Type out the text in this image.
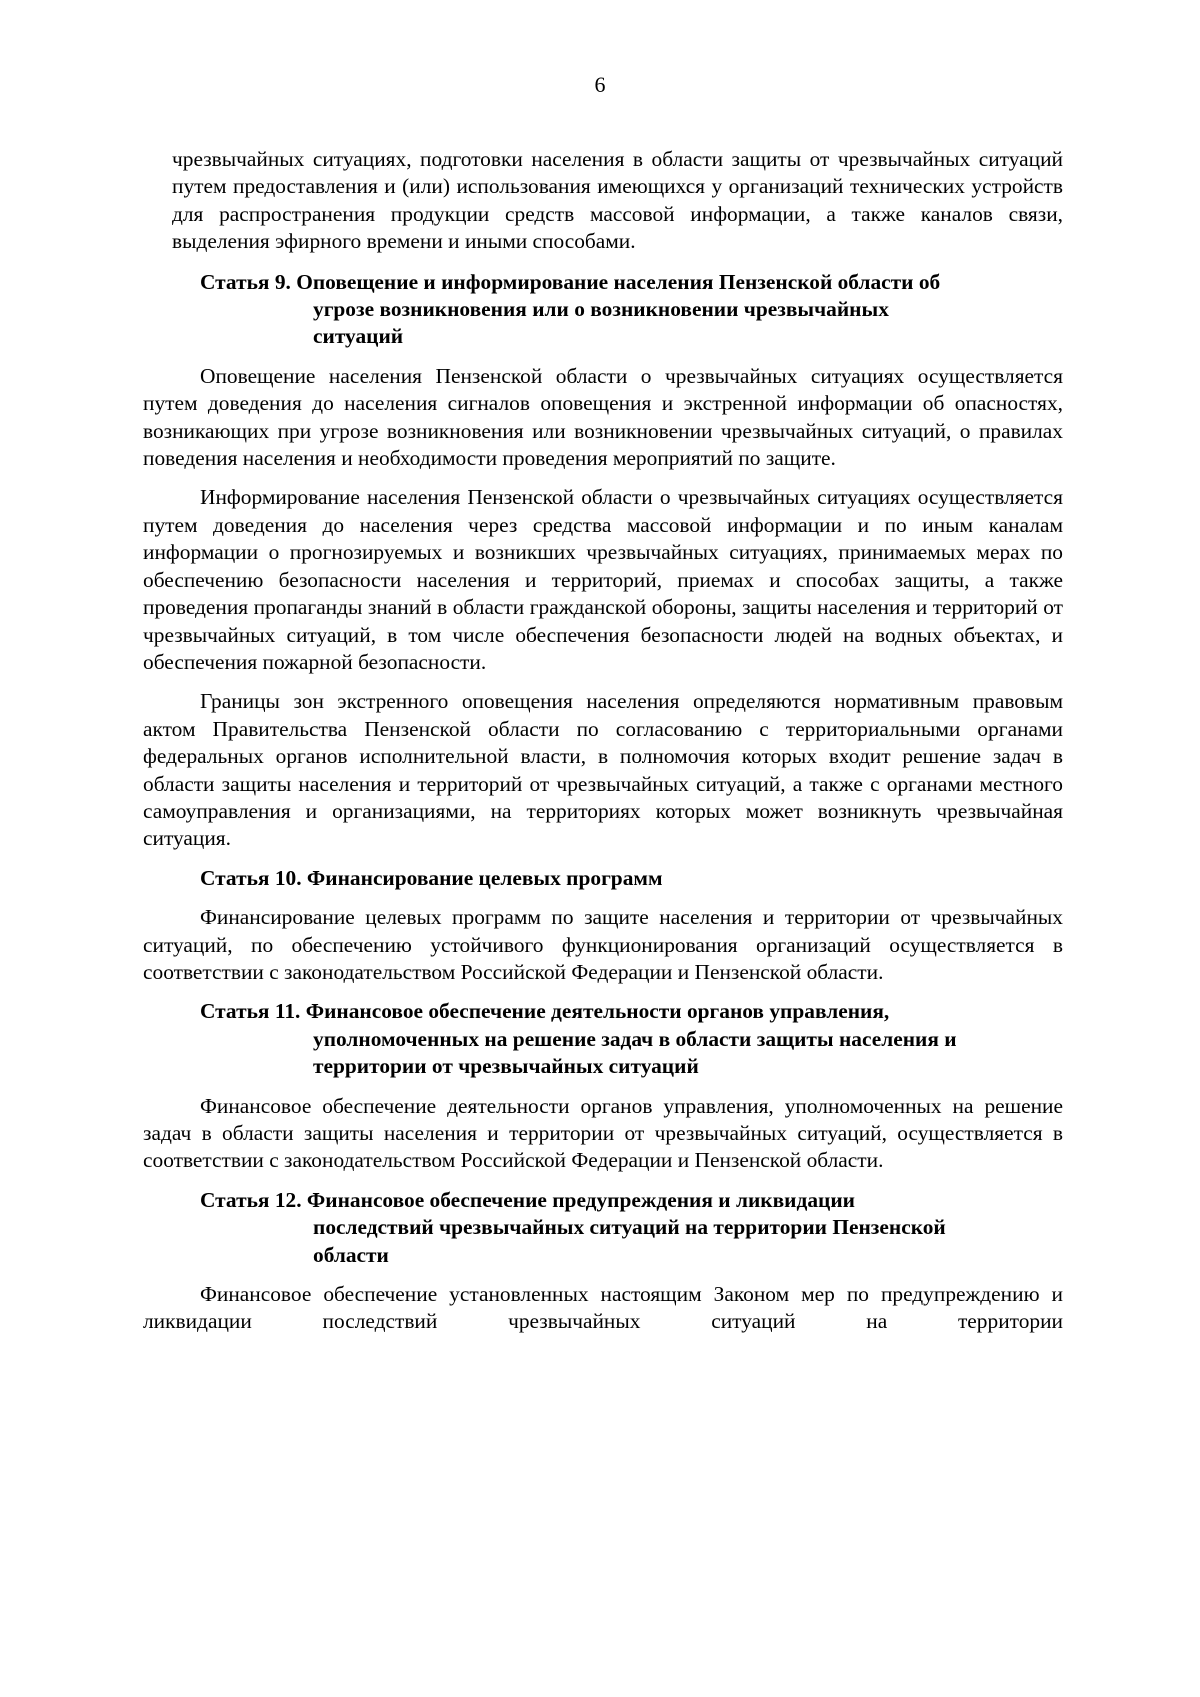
6

чрезвычайных ситуациях, подготовки населения в области защиты от чрезвычайных ситуаций путем предоставления и (или) использования имеющихся у организаций технических устройств для распространения продукции средств массовой информации, а также каналов связи, выделения эфирного времени и иными способами.

Статья 9. Оповещение и информирование населения Пензенской области об
угрозе возникновения или о возникновении чрезвычайных
ситуаций

Оповещение населения Пензенской области о чрезвычайных ситуациях осуществляется путем доведения до населения сигналов оповещения и экстренной информации об опасностях, возникающих при угрозе возникновения или возникновении чрезвычайных ситуаций, о правилах поведения населения и необходимости проведения мероприятий по защите.

Информирование населения Пензенской области о чрезвычайных ситуациях осуществляется путем доведения до населения через средства массовой информации и по иным каналам информации о прогнозируемых и возникших чрезвычайных ситуациях, принимаемых мерах по обеспечению безопасности населения и территорий, приемах и способах защиты, а также проведения пропаганды знаний в области гражданской обороны, защиты населения и территорий от чрезвычайных ситуаций, в том числе обеспечения безопасности людей на водных объектах, и обеспечения пожарной безопасности.

Границы зон экстренного оповещения населения определяются нормативным правовым актом Правительства Пензенской области по согласованию с территориальными органами федеральных органов исполнительной власти, в полномочия которых входит решение задач в области защиты населения и территорий от чрезвычайных ситуаций, а также с органами местного самоуправления и организациями, на территориях которых может возникнуть чрезвычайная ситуация.

Статья 10. Финансирование целевых программ

Финансирование целевых программ по защите населения и территории от чрезвычайных ситуаций, по обеспечению устойчивого функционирования организаций осуществляется в соответствии с законодательством Российской Федерации и Пензенской области.

Статья 11. Финансовое обеспечение деятельности органов управления,
уполномоченных на решение задач в области защиты населения и
территории от чрезвычайных ситуаций

Финансовое обеспечение деятельности органов управления, уполномоченных на решение задач в области защиты населения и территории от чрезвычайных ситуаций, осуществляется в соответствии с законодательством Российской Федерации и Пензенской области.

Статья 12. Финансовое обеспечение предупреждения и ликвидации
последствий чрезвычайных ситуаций на территории Пензенской
области

Финансовое обеспечение установленных настоящим Законом мер по предупреждению и ликвидации последствий чрезвычайных ситуаций на территории
